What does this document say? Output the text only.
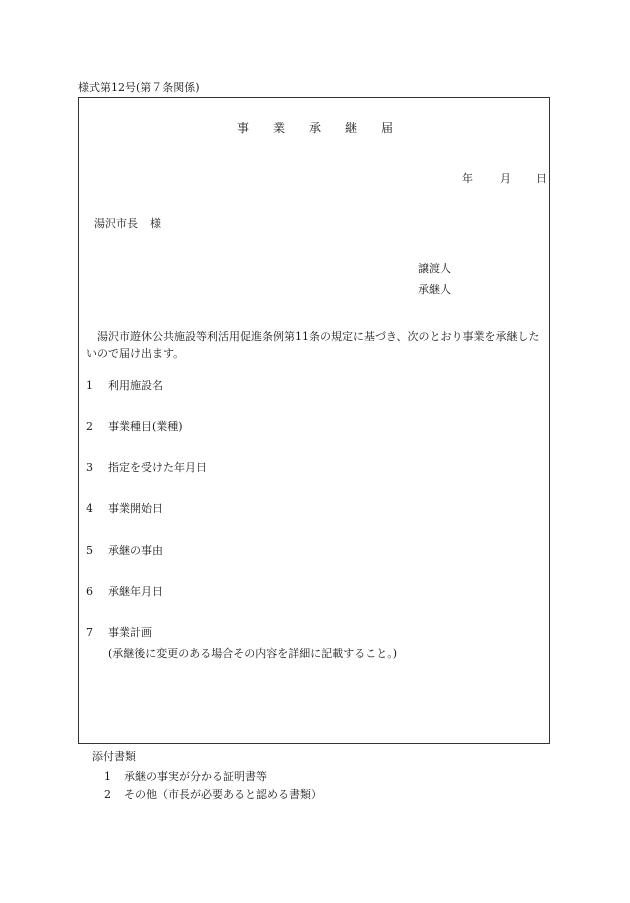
様式第12号(第７条関係)
事 業 承 継 届
年 月 日
湯沢市長 様
譲渡人
承継人
湯沢市遊休公共施設等利活用促進条例第11条の規定に基づき、次のとおり事業を承継したいので届け出ます。
1 利用施設名
2 事業種目(業種)
3 指定を受けた年月日
4 事業開始日
5 承継の事由
6 承継年月日
7 事業計画
(承継後に変更のある場合その内容を詳細に記載すること。)
添付書類
1 承継の事実が分かる証明書等
2 その他（市長が必要あると認める書類）
